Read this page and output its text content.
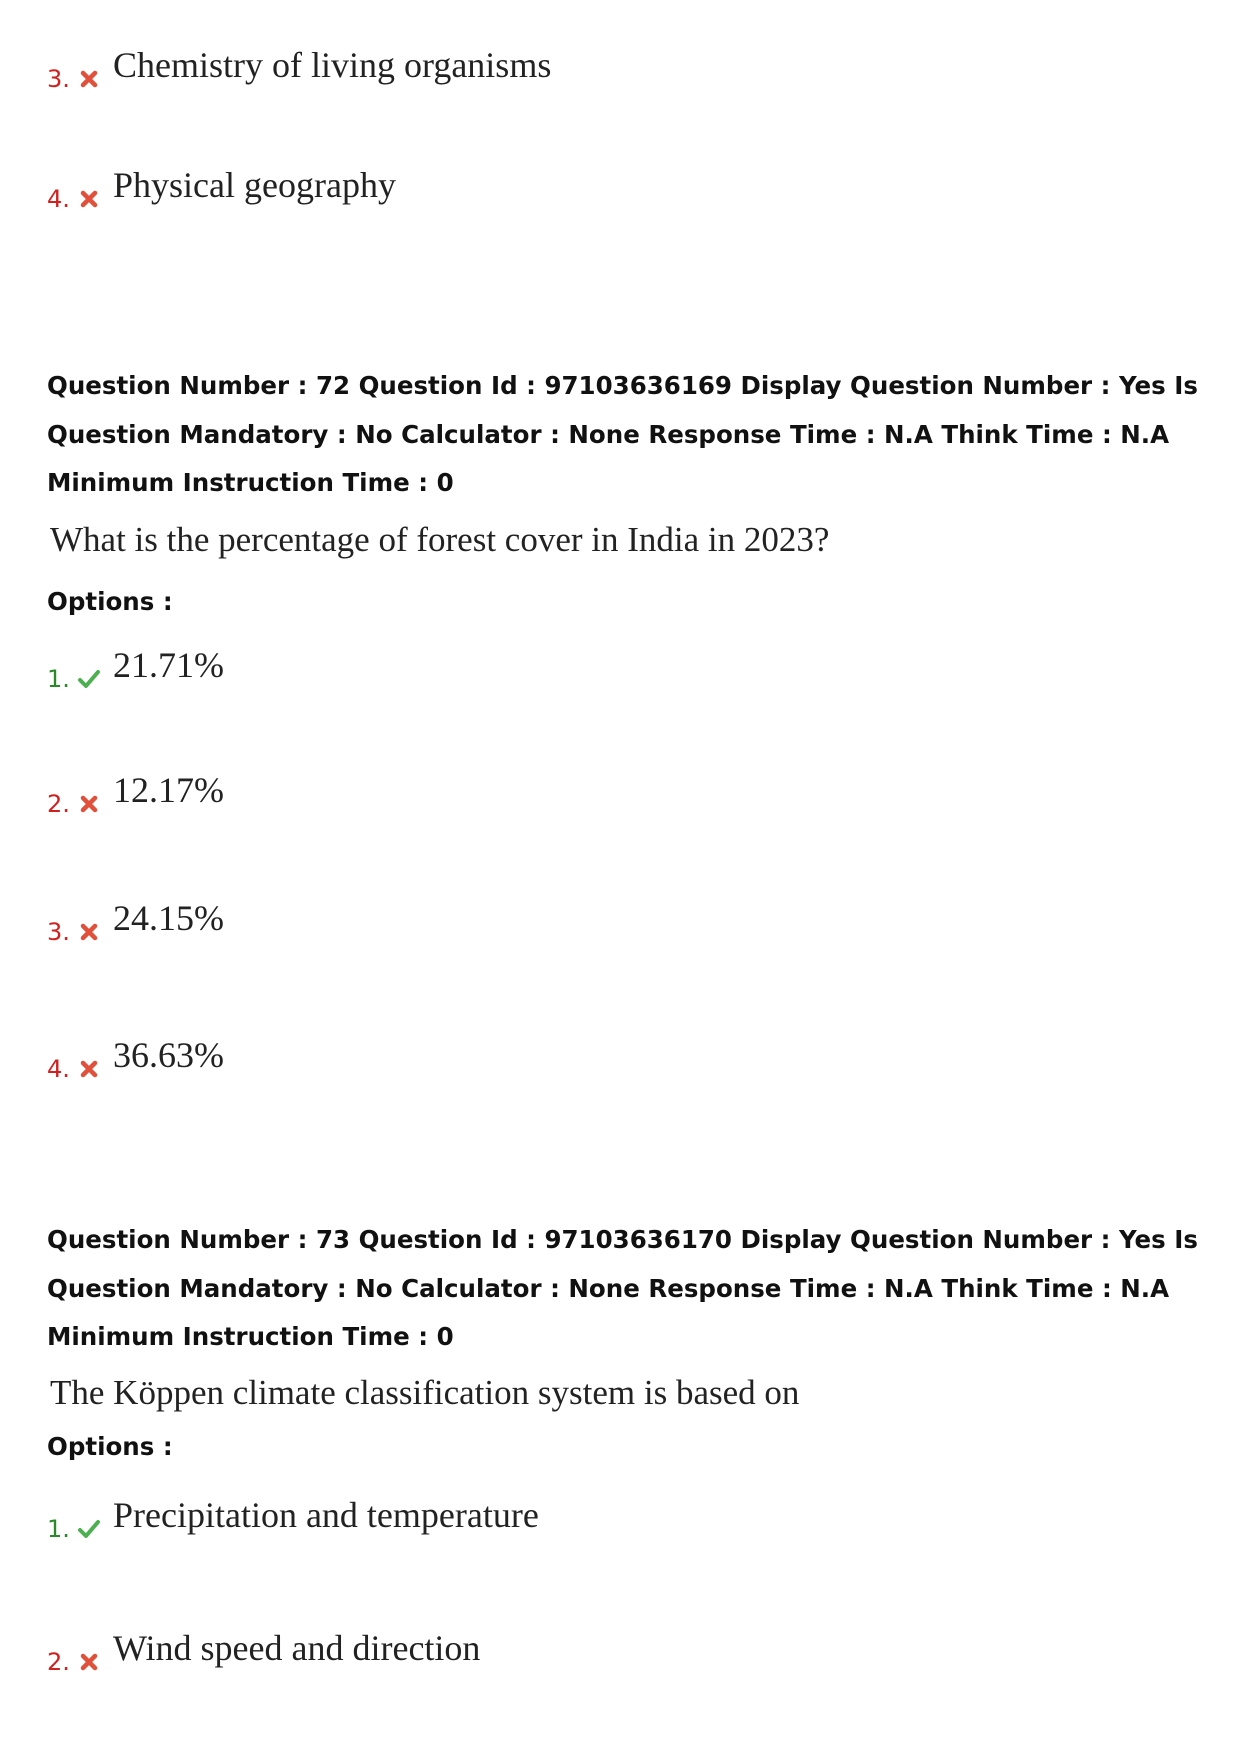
3. Chemistry of living organisms
4. Physical geography
Question Number : 72 Question Id : 97103636169 Display Question Number : Yes Is Question Mandatory : No Calculator : None Response Time : N.A Think Time : N.A Minimum Instruction Time : 0
What is the percentage of forest cover in India in 2023?
Options :
1. 21.71%
2. 12.17%
3. 24.15%
4. 36.63%
Question Number : 73 Question Id : 97103636170 Display Question Number : Yes Is Question Mandatory : No Calculator : None Response Time : N.A Think Time : N.A Minimum Instruction Time : 0
The Köppen climate classification system is based on
Options :
1. Precipitation and temperature
2. Wind speed and direction
